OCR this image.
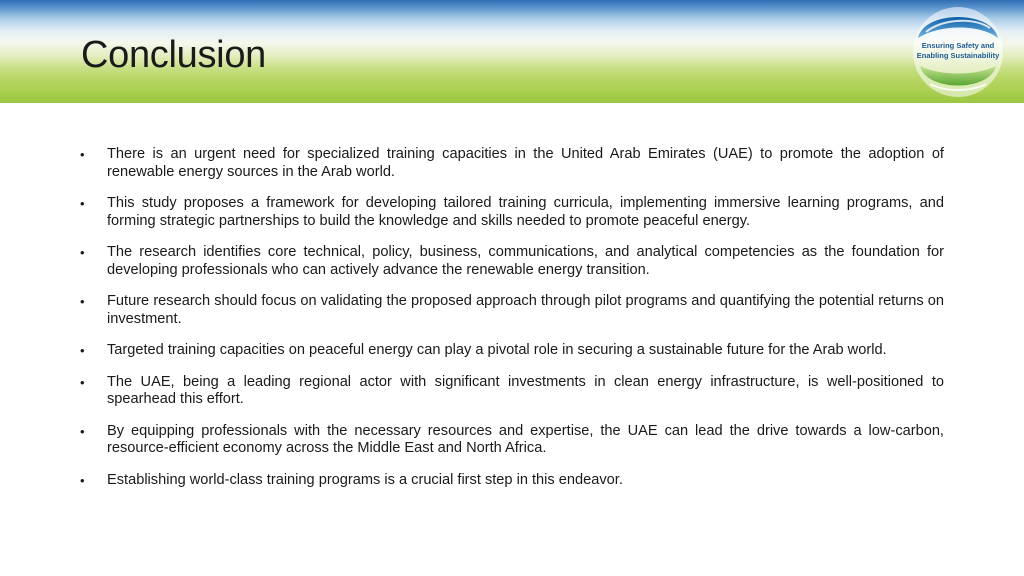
Conclusion	Ensuring Safety and
Enabling Sustainability
•	There is an urgent need for specialized training capacities in the United Arab Emirates (UAE) to promote the adoption of renewable energy sources in the Arab world.
•	This study proposes a framework for developing tailored training curricula, implementing immersive learning programs, and forming strategic partnerships to build the knowledge and skills needed to promote peaceful energy.
•	The research identifies core technical, policy, business, communications, and analytical competencies as the foundation for developing professionals who can actively advance the renewable energy transition.
•	Future research should focus on validating the proposed approach through pilot programs and quantifying the potential returns on investment.
•	Targeted training capacities on peaceful energy can play a pivotal role in securing a sustainable future for the Arab world.
•	The UAE, being a leading regional actor with significant investments in clean energy infrastructure, is well-positioned to spearhead this effort.
•	By equipping professionals with the necessary resources and expertise, the UAE can lead the drive towards a low-carbon, resource-efficient economy across the Middle East and North Africa.
•	Establishing world-class training programs is a crucial first step in this endeavor.
